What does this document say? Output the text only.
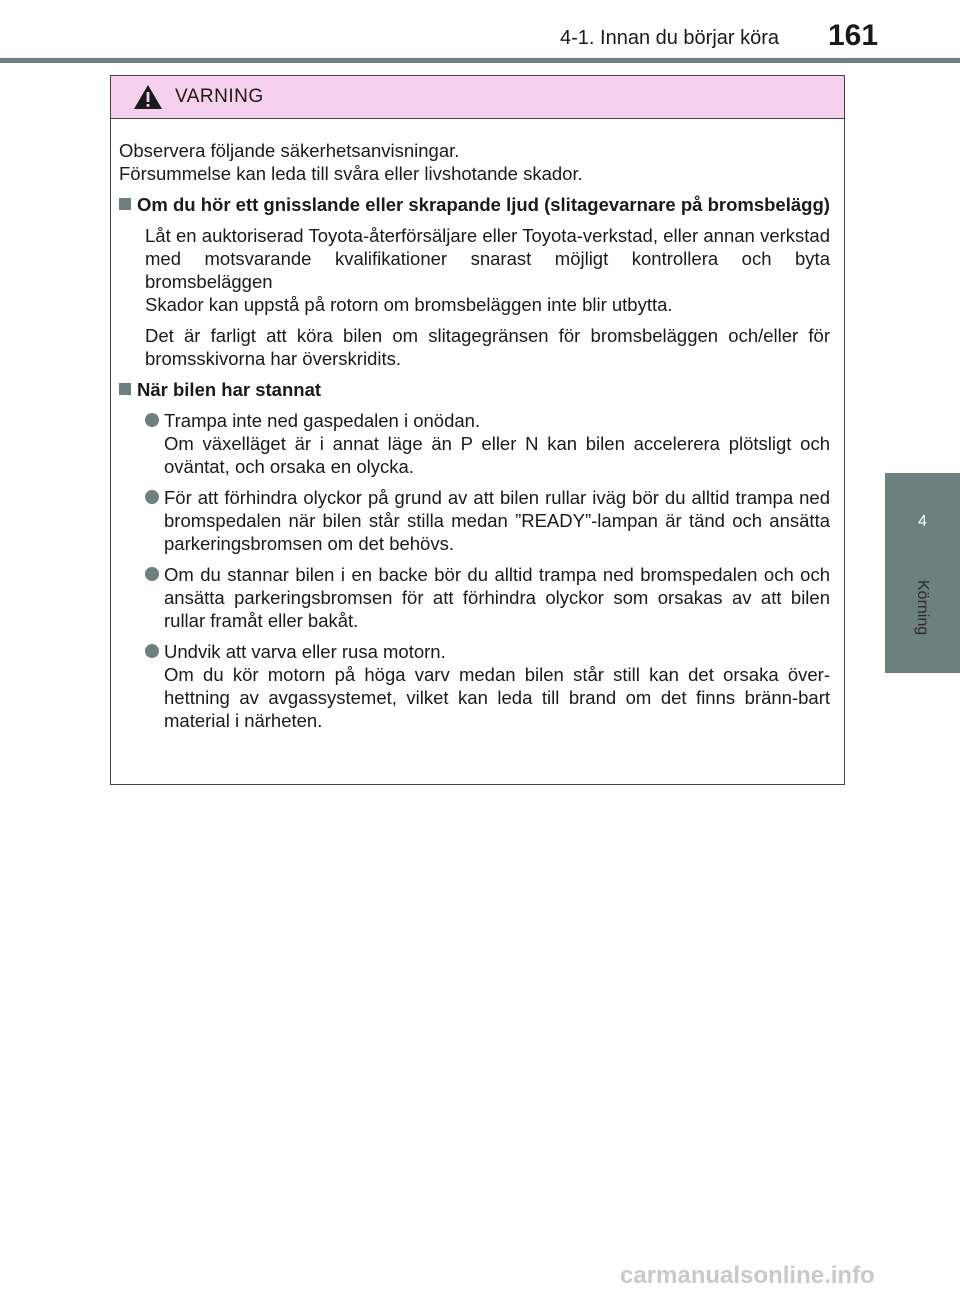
4-1. Innan du börjar köra 161
4
Körning
VARNING
Observera följande säkerhetsanvisningar.
Försummelse kan leda till svåra eller livshotande skador.
Om du hör ett gnisslande eller skrapande ljud (slitagevarnare på bromsbelägg)
Låt en auktoriserad Toyota-återförsäljare eller Toyota-verkstad, eller annan verkstad med motsvarande kvalifikationer snarast möjligt kontrollera och byta bromsbeläggen
Skador kan uppstå på rotorn om bromsbeläggen inte blir utbytta.
Det är farligt att köra bilen om slitagegränsen för bromsbeläggen och/eller för bromsskivorna har överskridits.
När bilen har stannat
Trampa inte ned gaspedalen i onödan.
Om växelläget är i annat läge än P eller N kan bilen accelerera plötsligt och oväntat, och orsaka en olycka.
För att förhindra olyckor på grund av att bilen rullar iväg bör du alltid trampa ned bromspedalen när bilen står stilla medan ”READY”-lampan är tänd och ansätta parkeringsbromsen om det behövs.
Om du stannar bilen i en backe bör du alltid trampa ned bromspedalen och och ansätta parkeringsbromsen för att förhindra olyckor som orsakas av att bilen rullar framåt eller bakåt.
Undvik att varva eller rusa motorn.
Om du kör motorn på höga varv medan bilen står still kan det orsaka över-hettning av avgassystemet, vilket kan leda till brand om det finns bränn-bart material i närheten.
carmanualsonline.info
